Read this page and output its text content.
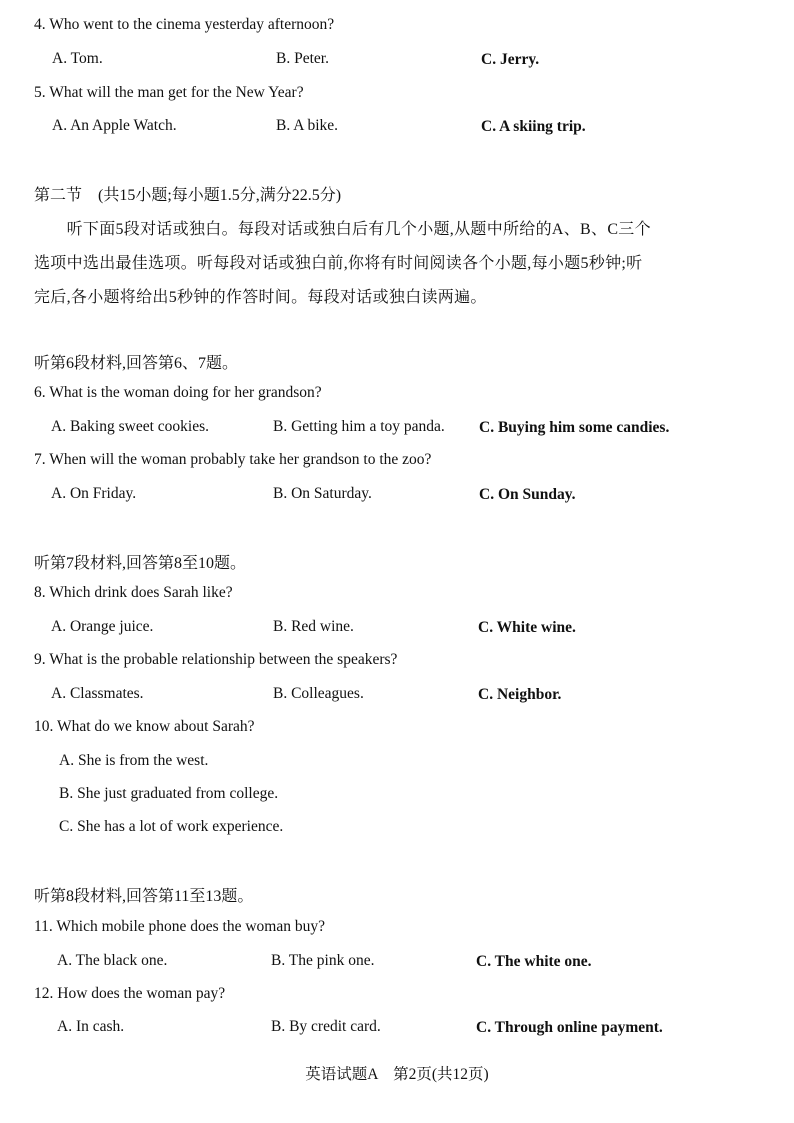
4. Who went to the cinema yesterday afternoon?
A. Tom.	B. Peter.	C. Jerry.
5. What will the man get for the New Year?
A. An Apple Watch.	B. A bike.	C. A skiing trip.
第二节　(共15小题;每小题1.5分,满分22.5分)
　　听下面5段对话或独白。每段对话或独白后有几个小题,从题中所给的A、B、C三个
选项中选出最佳选项。听每段对话或独白前,你将有时间阅读各个小题,每小题5秒钟;听
完后,各小题将给出5秒钟的作答时间。每段对话或独白读两遍。
听第6段材料,回答第6、7题。
6. What is the woman doing for her grandson?
A. Baking sweet cookies.	B. Getting him a toy panda. C. Buying him some candies.
7. When will the woman probably take her grandson to the zoo?
A. On Friday.	B. On Saturday.	C. On Sunday.
听第7段材料,回答第8至10题。
8. Which drink does Sarah like?
A. Orange juice.	B. Red wine.	C. White wine.
9. What is the probable relationship between the speakers?
A. Classmates.	B. Colleagues.	C. Neighbor.
10. What do we know about Sarah?
A. She is from the west.
B. She just graduated from college.
C. She has a lot of work experience.
听第8段材料,回答第11至13题。
11. Which mobile phone does the woman buy?
A. The black one.	B. The pink one.	C. The white one.
12. How does the woman pay?
A. In cash.	B. By credit card.	C. Through online payment.
英语试题A　第2页(共12页)
